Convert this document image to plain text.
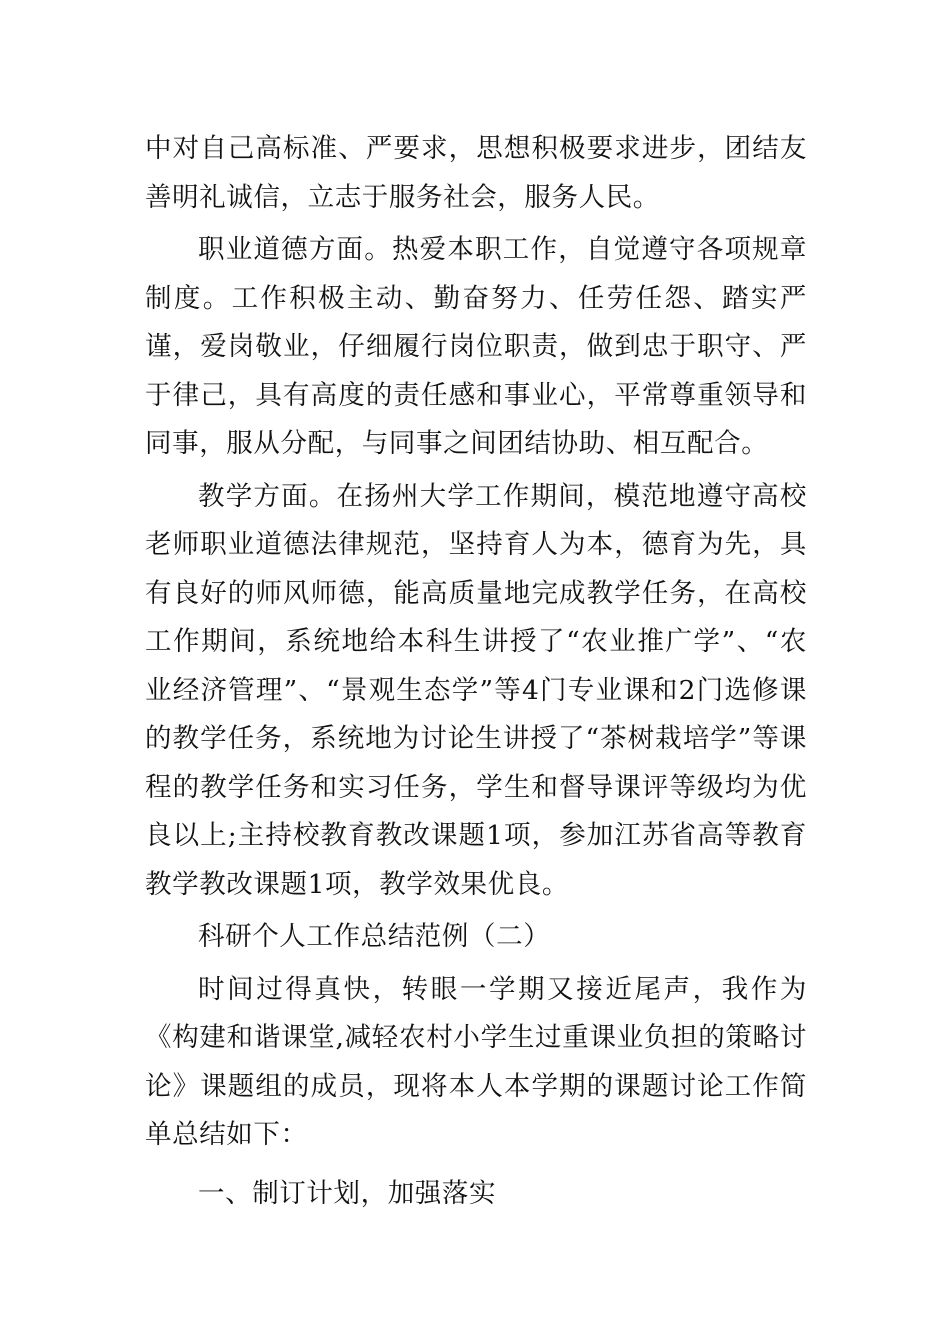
中对自己高标准、严要求，思想积极要求进步，团结友善明礼诚信，立志于服务社会，服务人民。

职业道德方面。热爱本职工作，自觉遵守各项规章制度。工作积极主动、勤奋努力、任劳任怨、踏实严谨，爱岗敬业，仔细履行岗位职责，做到忠于职守、严于律己，具有高度的责任感和事业心，平常尊重领导和同事，服从分配，与同事之间团结协助、相互配合。

教学方面。在扬州大学工作期间，模范地遵守高校老师职业道德法律规范，坚持育人为本，德育为先，具有良好的师风师德，能高质量地完成教学任务，在高校工作期间，系统地给本科生讲授了“农业推广学”、“农业经济管理”、“景观生态学”等4门专业课和2门选修课的教学任务，系统地为讨论生讲授了“茶树栽培学”等课程的教学任务和实习任务，学生和督导课评等级均为优良以上;主持校教育教改课题1项，参加江苏省高等教育教学教改课题1项，教学效果优良。

科研个人工作总结范例（二）

时间过得真快，转眼一学期又接近尾声，我作为《构建和谐课堂,减轻农村小学生过重课业负担的策略讨论》课题组的成员，现将本人本学期的课题讨论工作简单总结如下：

一、制订计划，加强落实
